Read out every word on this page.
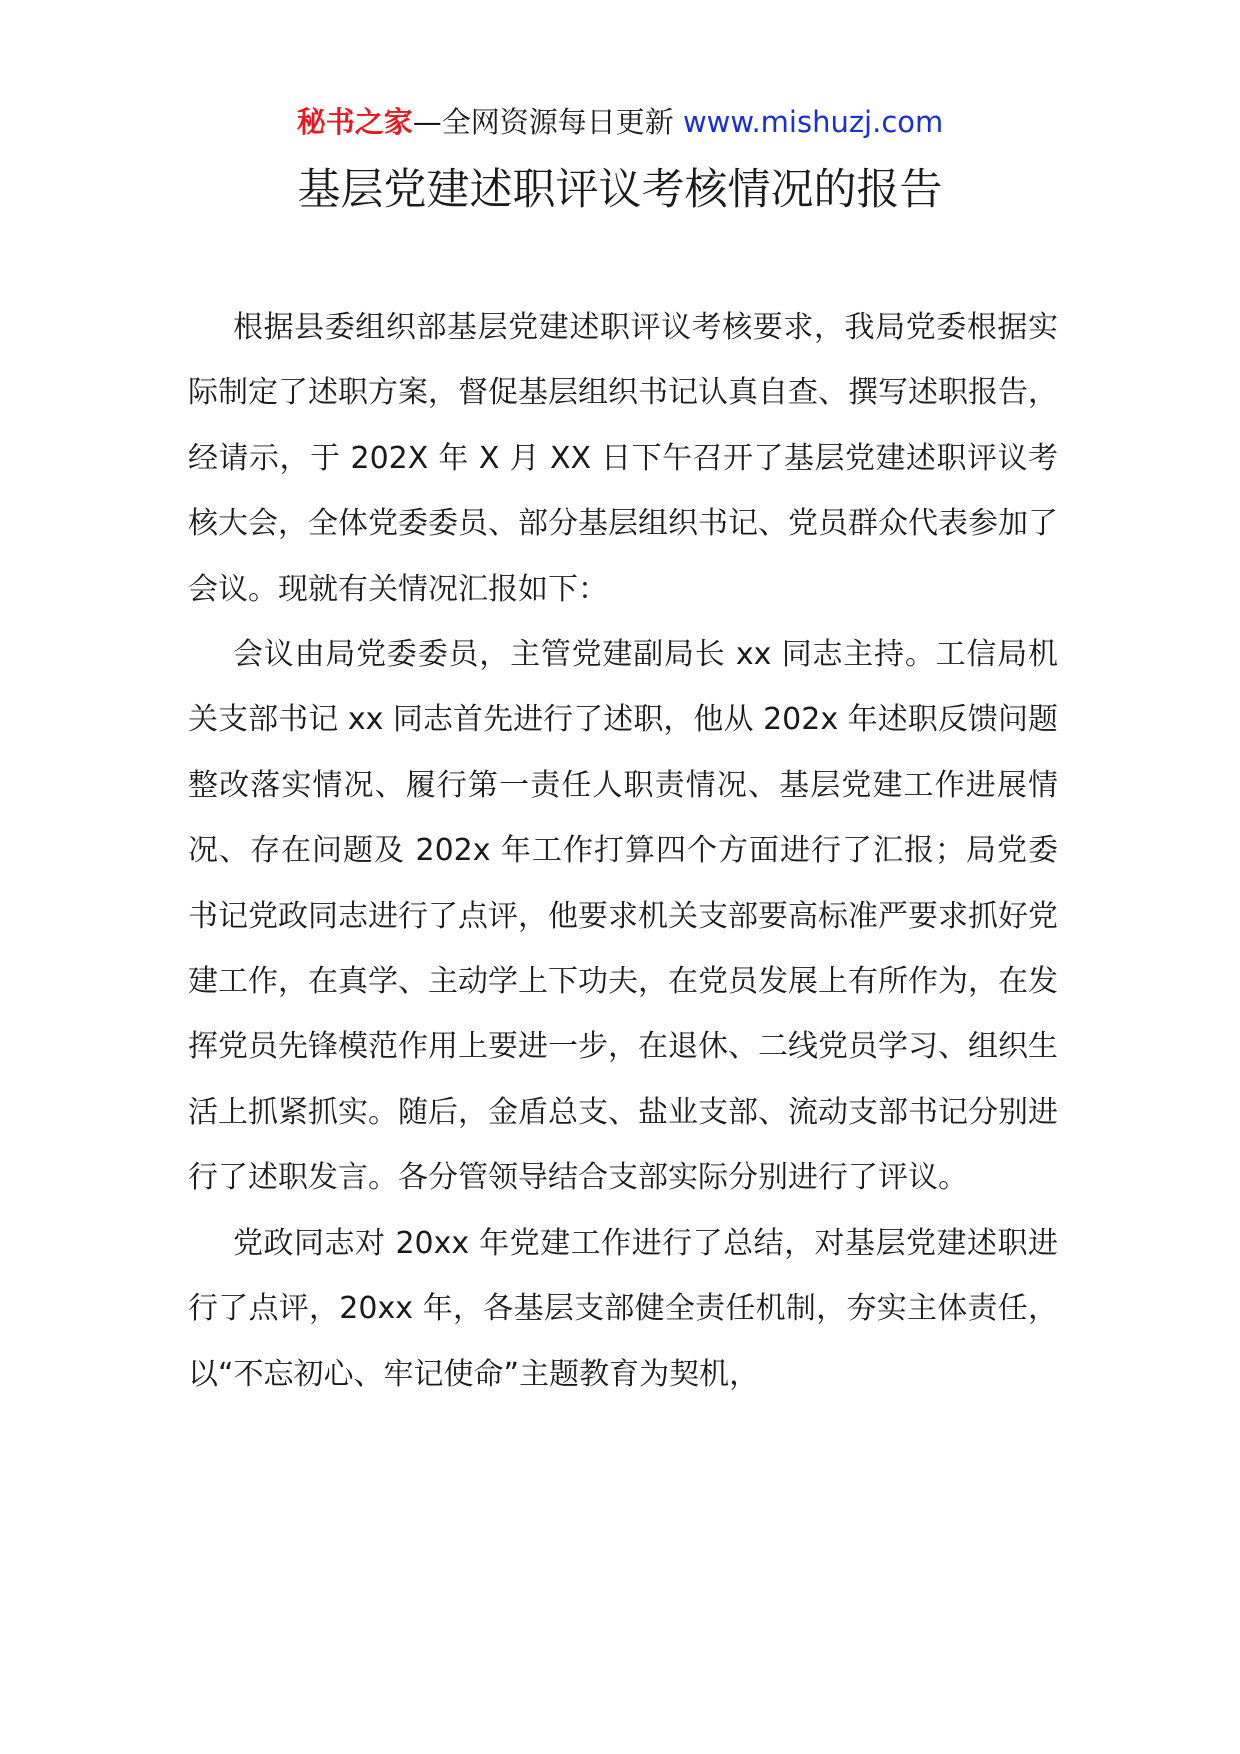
秘书之家—全网资源每日更新 www.mishuzj.com
基层党建述职评议考核情况的报告

根据县委组织部基层党建述职评议考核要求，我局党委根据实际制定了述职方案，督促基层组织书记认真自查、撰写述职报告，经请示，于 202X 年 X 月 XX 日下午召开了基层党建述职评议考核大会，全体党委委员、部分基层组织书记、党员群众代表参加了会议。现就有关情况汇报如下：

会议由局党委委员，主管党建副局长 xx 同志主持。工信局机关支部书记 xx 同志首先进行了述职，他从 202x 年述职反馈问题整改落实情况、履行第一责任人职责情况、基层党建工作进展情况、存在问题及 202x 年工作打算四个方面进行了汇报；局党委书记党政同志进行了点评，他要求机关支部要高标准严要求抓好党建工作，在真学、主动学上下功夫，在党员发展上有所作为，在发挥党员先锋模范作用上要进一步，在退休、二线党员学习、组织生活上抓紧抓实。随后，金盾总支、盐业支部、流动支部书记分别进行了述职发言。各分管领导结合支部实际分别进行了评议。

党政同志对 20xx 年党建工作进行了总结，对基层党建述职进行了点评，20xx 年，各基层支部健全责任机制，夯实主体责任，以“不忘初心、牢记使命”主题教育为契机，
